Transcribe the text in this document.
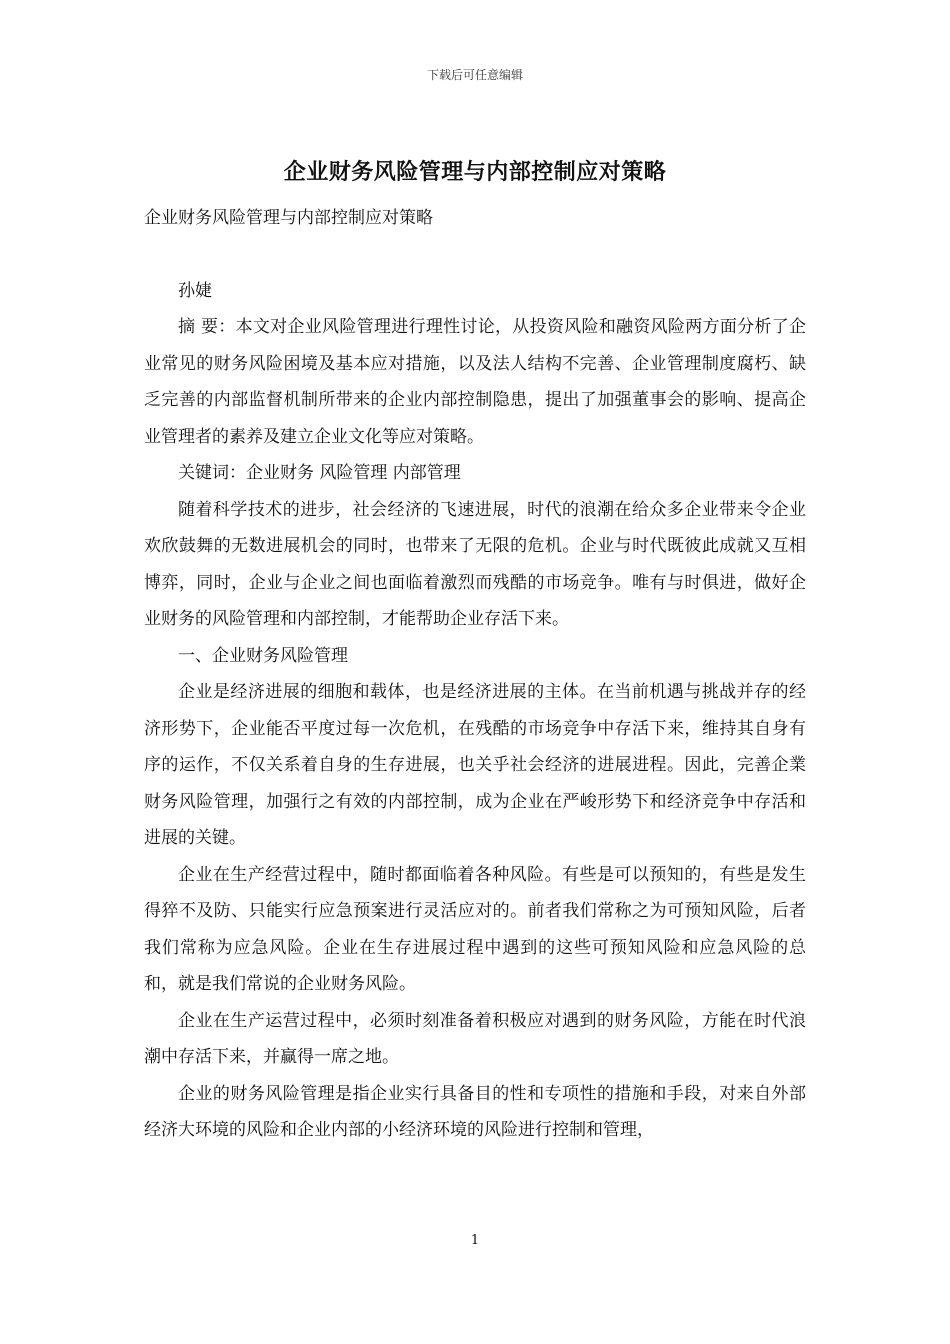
下载后可任意编辑
企业财务风险管理与内部控制应对策略

企业财务风险管理与内部控制应对策略

孙婕

摘 要：本文对企业风险管理进行理性讨论，从投资风险和融资风险两方面分析了企业常见的财务风险困境及基本应对措施，以及法人结构不完善、企业管理制度腐朽、缺乏完善的内部监督机制所带来的企业内部控制隐患，提出了加强董事会的影响、提高企业管理者的素养及建立企业文化等应对策略。

关键词：企业财务 风险管理 内部管理

随着科学技术的进步，社会经济的飞速进展，时代的浪潮在给众多企业带来令企业欢欣鼓舞的无数进展机会的同时，也带来了无限的危机。企业与时代既彼此成就又互相博弈，同时，企业与企业之间也面临着激烈而残酷的市场竞争。唯有与时俱进，做好企业财务的风险管理和内部控制，才能帮助企业存活下来。

一、企业财务风险管理

企业是经济进展的细胞和载体，也是经济进展的主体。在当前机遇与挑战并存的经济形势下，企业能否平度过每一次危机，在残酷的市场竞争中存活下来，维持其自身有序的运作，不仅关系着自身的生存进展，也关乎社会经济的进展进程。因此，完善企業财务风险管理，加强行之有效的内部控制，成为企业在严峻形势下和经济竞争中存活和进展的关键。

企业在生产经营过程中，随时都面临着各种风险。有些是可以预知的，有些是发生得猝不及防、只能实行应急预案进行灵活应对的。前者我们常称之为可预知风险，后者我们常称为应急风险。企业在生存进展过程中遇到的这些可预知风险和应急风险的总和，就是我们常说的企业财务风险。

企业在生产运营过程中，必须时刻准备着积极应对遇到的财务风险，方能在时代浪潮中存活下来，并赢得一席之地。

企业的财务风险管理是指企业实行具备目的性和专项性的措施和手段，对来自外部经济大环境的风险和企业内部的小经济环境的风险进行控制和管理，

1
